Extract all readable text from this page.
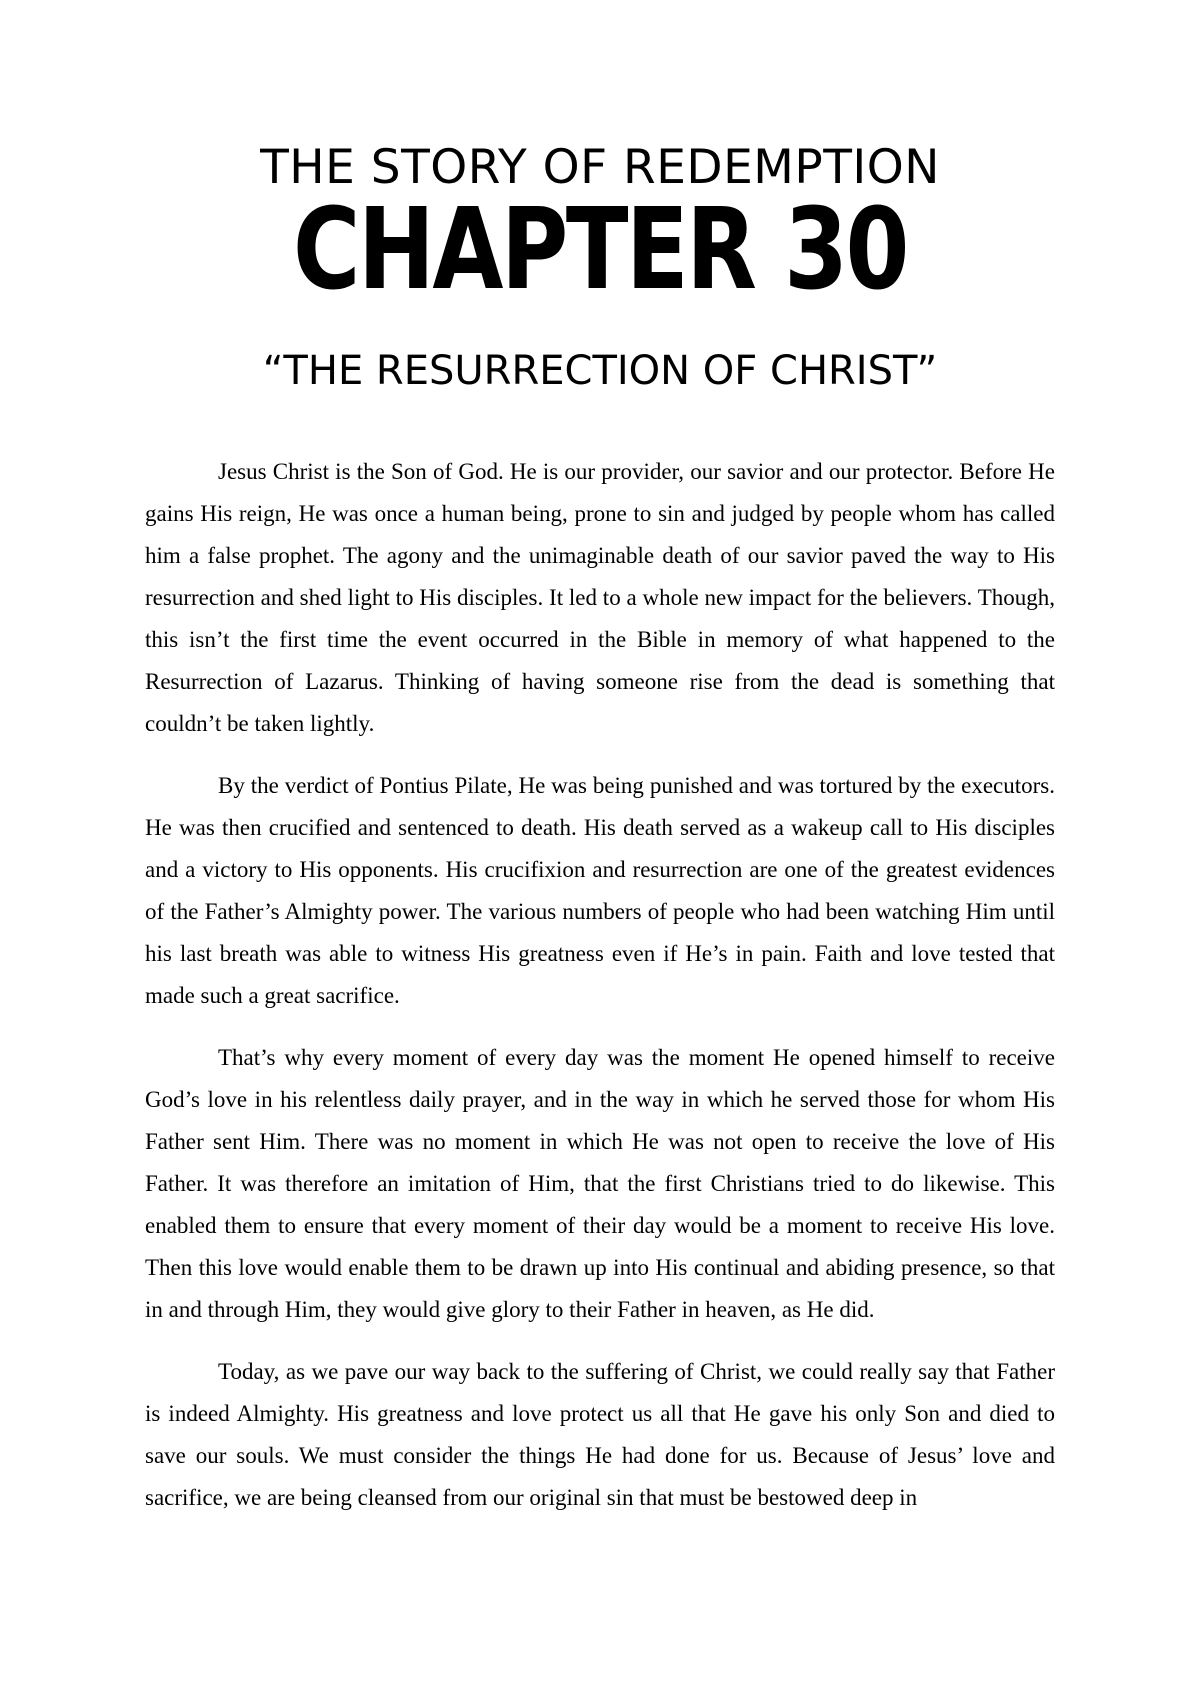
THE STORY OF REDEMPTION
CHAPTER 30
“THE RESURRECTION OF CHRIST”

Jesus Christ is the Son of God. He is our provider, our savior and our protector. Before He gains His reign, He was once a human being, prone to sin and judged by people whom has called him a false prophet. The agony and the unimaginable death of our savior paved the way to His resurrection and shed light to His disciples. It led to a whole new impact for the believers. Though, this isn’t the first time the event occurred in the Bible in memory of what happened to the Resurrection of Lazarus. Thinking of having someone rise from the dead is something that couldn’t be taken lightly.

By the verdict of Pontius Pilate, He was being punished and was tortured by the executors. He was then crucified and sentenced to death. His death served as a wakeup call to His disciples and a victory to His opponents. His crucifixion and resurrection are one of the greatest evidences of the Father’s Almighty power. The various numbers of people who had been watching Him until his last breath was able to witness His greatness even if He’s in pain. Faith and love tested that made such a great sacrifice.

That’s why every moment of every day was the moment He opened himself to receive God’s love in his relentless daily prayer, and in the way in which he served those for whom His Father sent Him. There was no moment in which He was not open to receive the love of His Father. It was therefore an imitation of Him, that the first Christians tried to do likewise. This enabled them to ensure that every moment of their day would be a moment to receive His love. Then this love would enable them to be drawn up into His continual and abiding presence, so that in and through Him, they would give glory to their Father in heaven, as He did.

Today, as we pave our way back to the suffering of Christ, we could really say that Father is indeed Almighty. His greatness and love protect us all that He gave his only Son and died to save our souls. We must consider the things He had done for us. Because of Jesus’ love and sacrifice, we are being cleansed from our original sin that must be bestowed deep in
